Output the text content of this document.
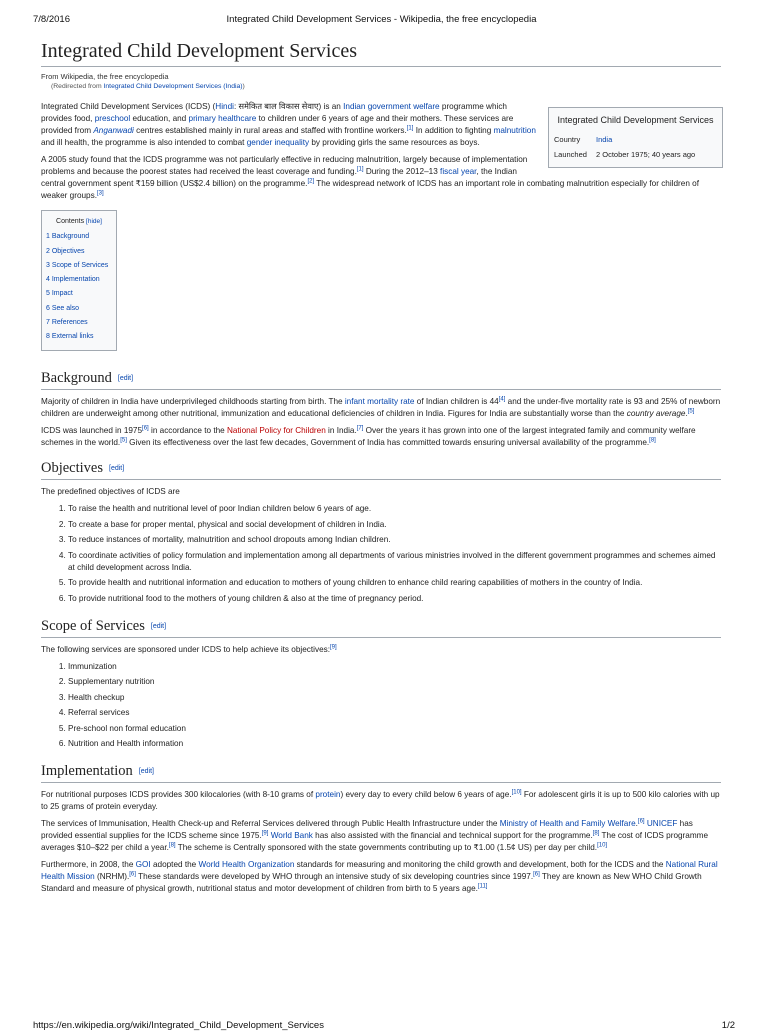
7/8/2016	Integrated Child Development Services - Wikipedia, the free encyclopedia
Integrated Child Development Services
From Wikipedia, the free encyclopedia
(Redirected from Integrated Child Development Services (India))
Integrated Child Development Services
Country	India
Launched	2 October 1975; 40 years ago

Integrated Child Development Services (ICDS) (Hindi: समेकित बाल विकास सेवाए) is an Indian government welfare programme which provides food, preschool education, and primary healthcare to children under 6 years of age and their mothers. These services are provided from Anganwadi centres established mainly in rural areas and staffed with frontline workers.[1] In addition to fighting malnutrition and ill health, the programme is also intended to combat gender inequality by providing girls the same resources as boys.

A 2005 study found that the ICDS programme was not particularly effective in reducing malnutrition, largely because of implementation problems and because the poorest states had received the least coverage and funding.[1] During the 2012–13 fiscal year, the Indian central government spent ₹159 billion (US$2.4 billion) on the programme.[2] The widespread network of ICDS has an important role in combating malnutrition especially for children of weaker groups.[3]

Contents [hide]
1 Background
2 Objectives
3 Scope of Services
4 Implementation
5 Impact
6 See also
7 References
8 External links
Background [edit]

Majority of children in India have underprivileged childhoods starting from birth. The infant mortality rate of Indian children is 44[4] and the under-five mortality rate is 93 and 25% of newborn children are underweight among other nutritional, immunization and educational deficiencies of children in India. Figures for India are substantially worse than the country average.[5]

ICDS was launched in 1975[6] in accordance to the National Policy for Children in India.[7] Over the years it has grown into one of the largest integrated family and community welfare schemes in the world.[5] Given its effectiveness over the last few decades, Government of India has committed towards ensuring universal availability of the programme.[8]

Objectives [edit]

The predefined objectives of ICDS are

1. To raise the health and nutritional level of poor Indian children below 6 years of age.
2. To create a base for proper mental, physical and social development of children in India.
3. To reduce instances of mortality, malnutrition and school dropouts among Indian children.
4. To coordinate activities of policy formulation and implementation among all departments of various ministries involved in the different government programmes and schemes aimed at child development across India.
5. To provide health and nutritional information and education to mothers of young children to enhance child rearing capabilities of mothers in the country of India.
6. To provide nutritional food to the mothers of young children & also at the time of pregnancy period.
Scope of Services [edit]

The following services are sponsored under ICDS to help achieve its objectives:[9]

1. Immunization
2. Supplementary nutrition
3. Health checkup
4. Referral services
5. Pre-school non formal education
6. Nutrition and Health information
Implementation [edit]

For nutritional purposes ICDS provides 300 kilocalories (with 8-10 grams of protein) every day to every child below 6 years of age.[10] For adolescent girls it is up to 500 kilo calories with up to 25 grams of protein everyday.

The services of Immunisation, Health Check-up and Referral Services delivered through Public Health Infrastructure under the Ministry of Health and Family Welfare.[6] UNICEF has provided essential supplies for the ICDS scheme since 1975.[9] World Bank has also assisted with the financial and technical support for the programme.[8] The cost of ICDS programme averages $10–$22 per child a year.[8] The scheme is Centrally sponsored with the state governments contributing up to ₹1.00 (1.5¢ US) per day per child.[10]

Furthermore, in 2008, the GOI adopted the World Health Organization standards for measuring and monitoring the child growth and development, both for the ICDS and the National Rural Health Mission (NRHM).[6] These standards were developed by WHO through an intensive study of six developing countries since 1997.[6] They are known as New WHO Child Growth Standard and measure of physical growth, nutritional status and motor development of children from birth to 5 years age.[11]

https://en.wikipedia.org/wiki/Integrated_Child_Development_Services	1/2
